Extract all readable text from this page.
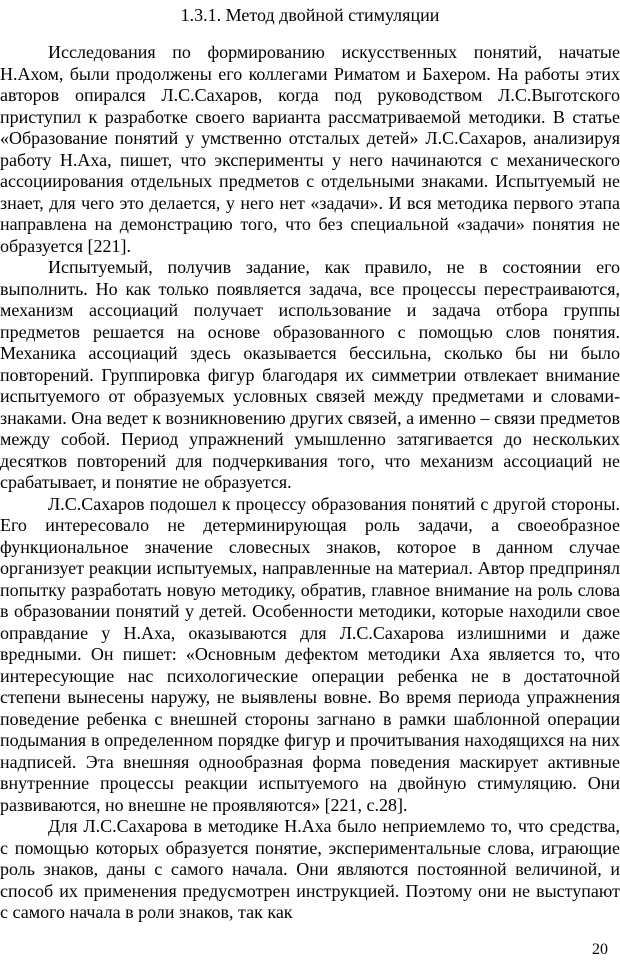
1.3.1. Метод двойной стимуляции

Исследования по формированию искусственных понятий, начатые Н.Ахом, были продолжены его коллегами Риматом и Бахером. На работы этих авторов опирался Л.С.Сахаров, когда под руководством Л.С.Выготского приступил к разработке своего варианта рассматриваемой методики. В статье «Образование понятий у умственно отсталых детей» Л.С.Сахаров, анализируя работу Н.Аха, пишет, что эксперименты у него начинаются с механического ассоциирования отдельных предметов с отдельными знаками. Испытуемый не знает, для чего это делается, у него нет «задачи». И вся методика первого этапа направлена на демонстрацию того, что без специальной «задачи» понятия не образуется [221].

Испытуемый, получив задание, как правило, не в состоянии его выполнить. Но как только появляется задача, все процессы перестраиваются, механизм ассоциаций получает использование и задача отбора группы предметов решается на основе образованного с помощью слов понятия. Механика ассоциаций здесь оказывается бессильна, сколько бы ни было повторений. Группировка фигур благодаря их симметрии отвлекает внимание испытуемого от образуемых условных связей между предметами и словами-знаками. Она ведет к возникновению других связей, а именно – связи предметов между собой. Период упражнений умышленно затягивается до нескольких десятков повторений для подчеркивания того, что механизм ассоциаций не срабатывает, и понятие не образуется.

Л.С.Сахаров подошел к процессу образования понятий с другой стороны. Его интересовало не детерминирующая роль задачи, а своеобразное функциональное значение словесных знаков, которое в данном случае организует реакции испытуемых, направленные на материал. Автор предпринял попытку разработать новую методику, обратив, главное внимание на роль слова в образовании понятий у детей. Особенности методики, которые находили свое оправдание у Н.Аха, оказываются для Л.С.Сахарова излишними и даже вредными. Он пишет: «Основным дефектом методики Аха является то, что интересующие нас психологические операции ребенка не в достаточной степени вынесены наружу, не выявлены вовне. Во время периода упражнения поведение ребенка с внешней стороны загнано в рамки шаблонной операции подымания в определенном порядке фигур и прочитывания находящихся на них надписей. Эта внешняя однообразная форма поведения маскирует активные внутренние процессы реакции испытуемого на двойную стимуляцию. Они развиваются, но внешне не проявляются» [221, с.28].

Для Л.С.Сахарова в методике Н.Аха было неприемлемо то, что средства, с помощью которых образуется понятие, экспериментальные слова, играющие роль знаков, даны с самого начала. Они являются постоянной величиной, и способ их применения предусмотрен инструкцией. Поэтому они не выступают с самого начала в роли знаков, так как

20
